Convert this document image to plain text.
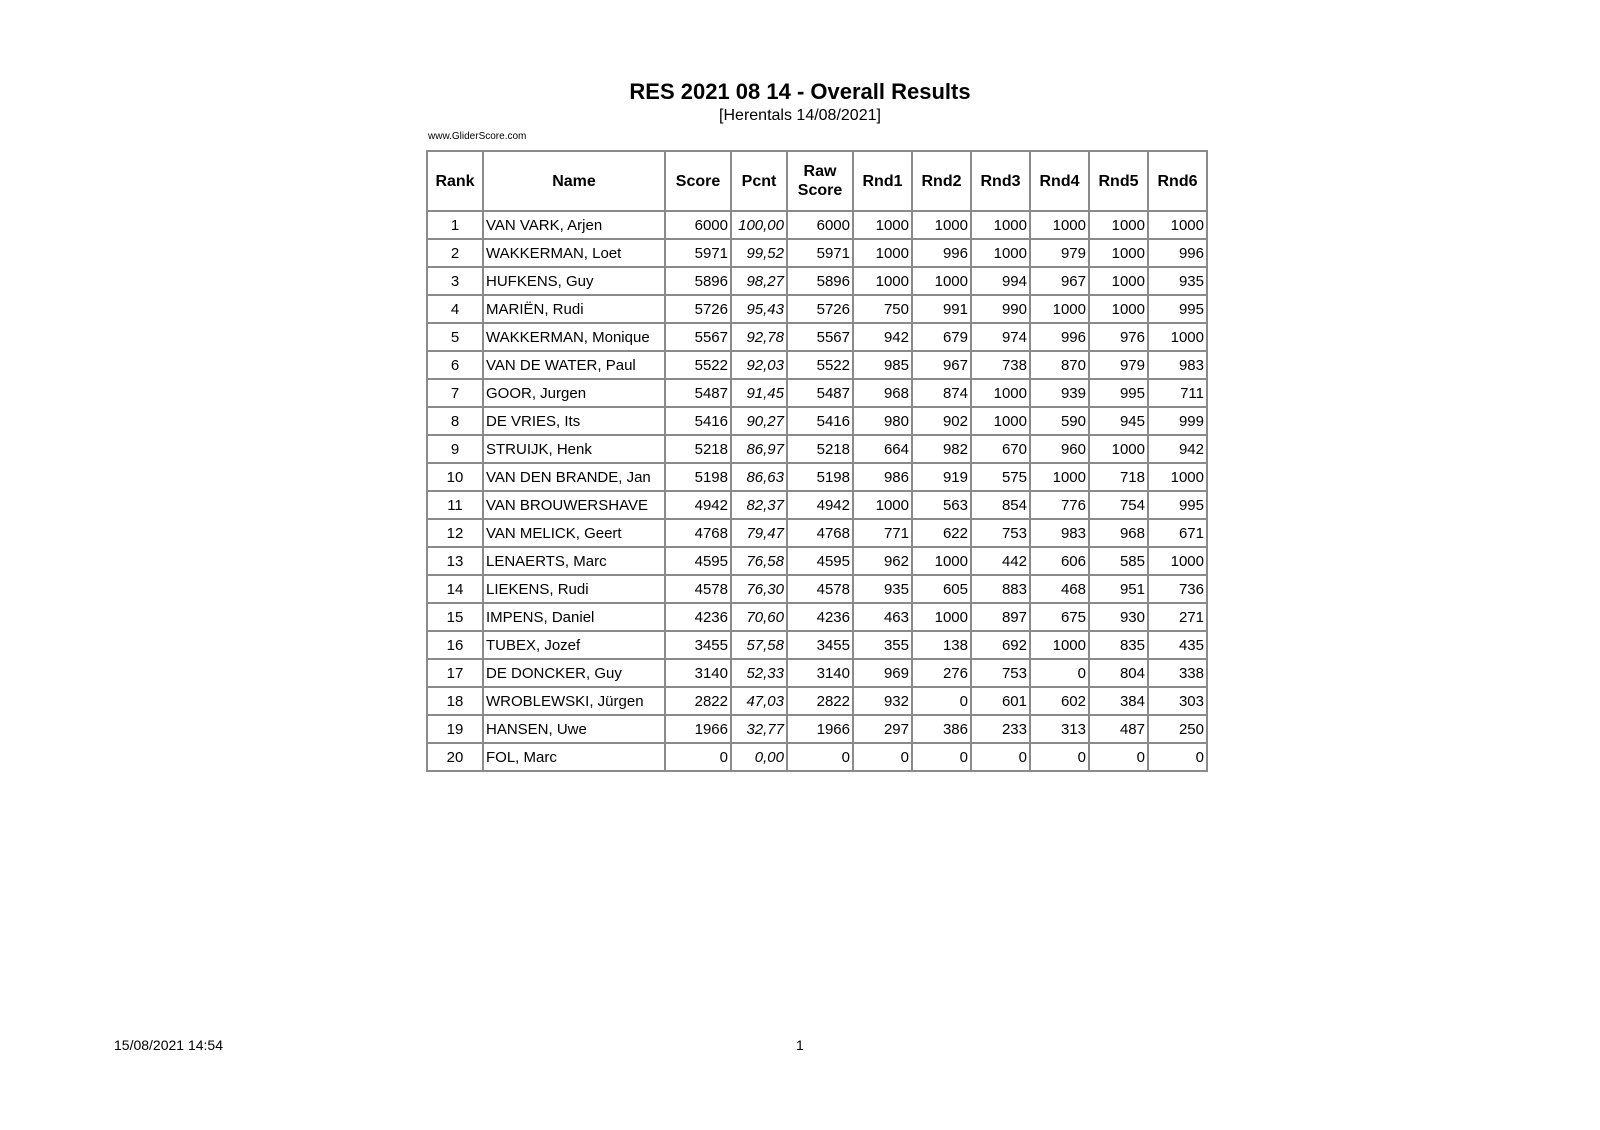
RES 2021 08 14 - Overall Results
[Herentals 14/08/2021]
www.GliderScore.com
Rank	Name	Score	Pcnt	Raw Score	Rnd1	Rnd2	Rnd3	Rnd4	Rnd5	Rnd6
1	VAN VARK, Arjen	6000	100,00	6000	1000	1000	1000	1000	1000	1000
2	WAKKERMAN, Loet	5971	99,52	5971	1000	996	1000	979	1000	996
3	HUFKENS, Guy	5896	98,27	5896	1000	1000	994	967	1000	935
4	MARIËN, Rudi	5726	95,43	5726	750	991	990	1000	1000	995
5	WAKKERMAN, Monique	5567	92,78	5567	942	679	974	996	976	1000
6	VAN DE WATER, Paul	5522	92,03	5522	985	967	738	870	979	983
7	GOOR, Jurgen	5487	91,45	5487	968	874	1000	939	995	711
8	DE VRIES, Its	5416	90,27	5416	980	902	1000	590	945	999
9	STRUIJK, Henk	5218	86,97	5218	664	982	670	960	1000	942
10	VAN DEN BRANDE, Jan	5198	86,63	5198	986	919	575	1000	718	1000
11	VAN BROUWERSHAVE	4942	82,37	4942	1000	563	854	776	754	995
12	VAN MELICK, Geert	4768	79,47	4768	771	622	753	983	968	671
13	LENAERTS, Marc	4595	76,58	4595	962	1000	442	606	585	1000
14	LIEKENS, Rudi	4578	76,30	4578	935	605	883	468	951	736
15	IMPENS, Daniel	4236	70,60	4236	463	1000	897	675	930	271
16	TUBEX, Jozef	3455	57,58	3455	355	138	692	1000	835	435
17	DE DONCKER, Guy	3140	52,33	3140	969	276	753	0	804	338
18	WROBLEWSKI, Jürgen	2822	47,03	2822	932	0	601	602	384	303
19	HANSEN, Uwe	1966	32,77	1966	297	386	233	313	487	250
20	FOL, Marc	0	0,00	0	0	0	0	0	0	0
15/08/2021 14:54	1
